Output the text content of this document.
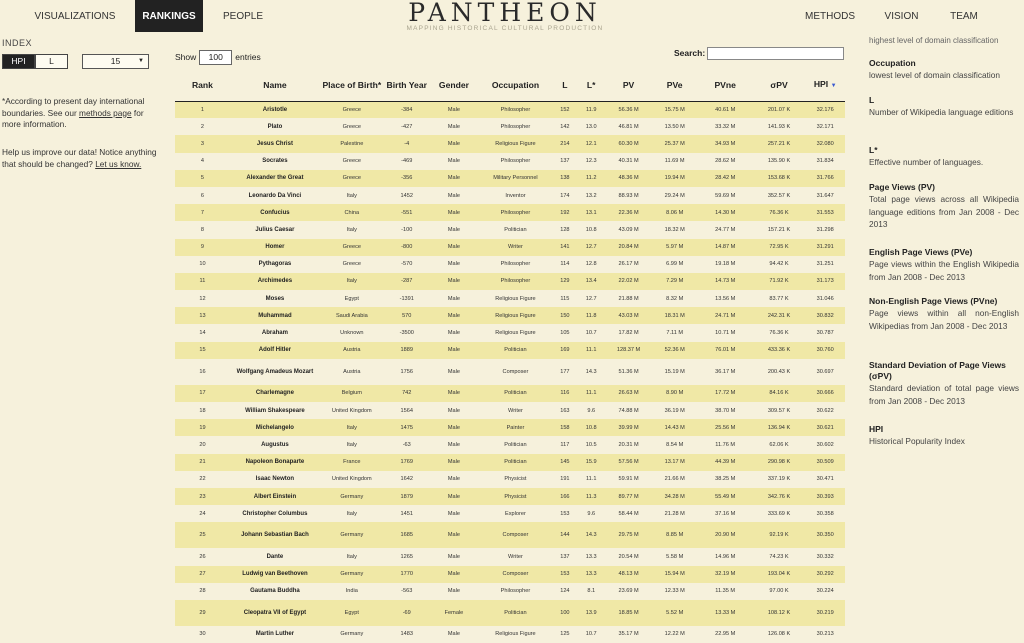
VISUALIZATIONS	RANKINGS	PEOPLE	PANTHEON
MAPPING HISTORICAL CULTURAL PRODUCTION
METHODS	VISION	TEAM
INDEX
HPI	L	15	▼
*According to present day international boundaries. See our methods page for more information.
Help us improve our data! Notice anything that should be changed? Let us know.
Show 100 entries	Search:
Rank	Name	Place of Birth*	Birth Year	Gender	Occupation	L	L*	PV	PVe	PVne	σPV	HPI ▼
1	Aristotle	Greece	-384	Male	Philosopher	152	11.9	56.36 M	15.75 M	40.61 M	201.07 K	32.176
2	Plato	Greece	-427	Male	Philosopher	142	13.0	46.81 M	13.50 M	33.32 M	141.93 K	32.171
3	Jesus Christ	Palestine	-4	Male	Religious Figure	214	12.1	60.30 M	25.37 M	34.93 M	257.21 K	32.080
4	Socrates	Greece	-469	Male	Philosopher	137	12.3	40.31 M	11.69 M	28.62 M	135.90 K	31.834
5	Alexander the Great	Greece	-356	Male	Military Personnel	138	11.2	48.36 M	19.94 M	28.42 M	153.68 K	31.766
6	Leonardo Da Vinci	Italy	1452	Male	Inventor	174	13.2	88.93 M	29.24 M	59.69 M	352.57 K	31.647
7	Confucius	China	-551	Male	Philosopher	192	13.1	22.36 M	8.06 M	14.30 M	76.36 K	31.553
8	Julius Caesar	Italy	-100	Male	Politician	128	10.8	43.09 M	18.32 M	24.77 M	157.21 K	31.298
9	Homer	Greece	-800	Male	Writer	141	12.7	20.84 M	5.97 M	14.87 M	72.95 K	31.291
10	Pythagoras	Greece	-570	Male	Philosopher	114	12.8	26.17 M	6.99 M	19.18 M	94.42 K	31.251
11	Archimedes	Italy	-287	Male	Philosopher	129	13.4	22.02 M	7.29 M	14.73 M	71.92 K	31.173
12	Moses	Egypt	-1391	Male	Religious Figure	115	12.7	21.88 M	8.32 M	13.56 M	83.77 K	31.046
13	Muhammad	Saudi Arabia	570	Male	Religious Figure	150	11.8	43.03 M	18.31 M	24.71 M	242.31 K	30.832
14	Abraham	Unknown	-3500	Male	Religious Figure	105	10.7	17.82 M	7.11 M	10.71 M	76.36 K	30.787
15	Adolf Hitler	Austria	1889	Male	Politician	169	11.1	128.37 M	52.36 M	76.01 M	433.36 K	30.760
16	Wolfgang Amadeus Mozart	Austria	1756	Male	Composer	177	14.3	51.36 M	15.19 M	36.17 M	200.43 K	30.697
17	Charlemagne	Belgium	742	Male	Politician	116	11.1	26.63 M	8.90 M	17.72 M	84.16 K	30.666
18	William Shakespeare	United Kingdom	1564	Male	Writer	163	9.6	74.88 M	36.19 M	38.70 M	309.57 K	30.622
19	Michelangelo	Italy	1475	Male	Painter	158	10.8	39.99 M	14.43 M	25.56 M	136.94 K	30.621
20	Augustus	Italy	-63	Male	Politician	117	10.5	20.31 M	8.54 M	11.76 M	62.06 K	30.602
21	Napoleon Bonaparte	France	1769	Male	Politician	145	15.9	57.56 M	13.17 M	44.39 M	290.98 K	30.509
22	Isaac Newton	United Kingdom	1642	Male	Physicist	191	11.1	59.91 M	21.66 M	38.25 M	337.19 K	30.471
23	Albert Einstein	Germany	1879	Male	Physicist	166	11.3	89.77 M	34.28 M	55.49 M	342.76 K	30.393
24	Christopher Columbus	Italy	1451	Male	Explorer	153	9.6	58.44 M	21.28 M	37.16 M	333.69 K	30.358
25	Johann Sebastian Bach	Germany	1685	Male	Composer	144	14.3	29.75 M	8.85 M	20.90 M	92.19 K	30.350
26	Dante	Italy	1265	Male	Writer	137	13.3	20.54 M	5.58 M	14.96 M	74.23 K	30.332
27	Ludwig van Beethoven	Germany	1770	Male	Composer	153	13.3	48.13 M	15.94 M	32.19 M	193.04 K	30.292
28	Gautama Buddha	India	-563	Male	Philosopher	124	8.1	23.69 M	12.33 M	11.35 M	97.00 K	30.224
29	Cleopatra VII of Egypt	Egypt	-69	Female	Politician	100	13.9	18.85 M	5.52 M	13.33 M	108.12 K	30.219
30	Martin Luther	Germany	1483	Male	Religious Figure	125	10.7	35.17 M	12.22 M	22.95 M	126.08 K	30.213
highest level of domain classification
Occupation
lowest level of domain classification
L
Number of Wikipedia language editions
L*
Effective number of languages.
Page Views (PV)
Total page views across all Wikipedia language editions from Jan 2008 - Dec 2013
English Page Views (PVe)
Page views within the English Wikipedia from Jan 2008 - Dec 2013
Non-English Page Views (PVne)
Page views within all non-English Wikipedias from Jan 2008 - Dec 2013
Standard Deviation of Page Views (σPV)
Standard deviation of total page views from Jan 2008 - Dec 2013
HPI
Historical Popularity Index
